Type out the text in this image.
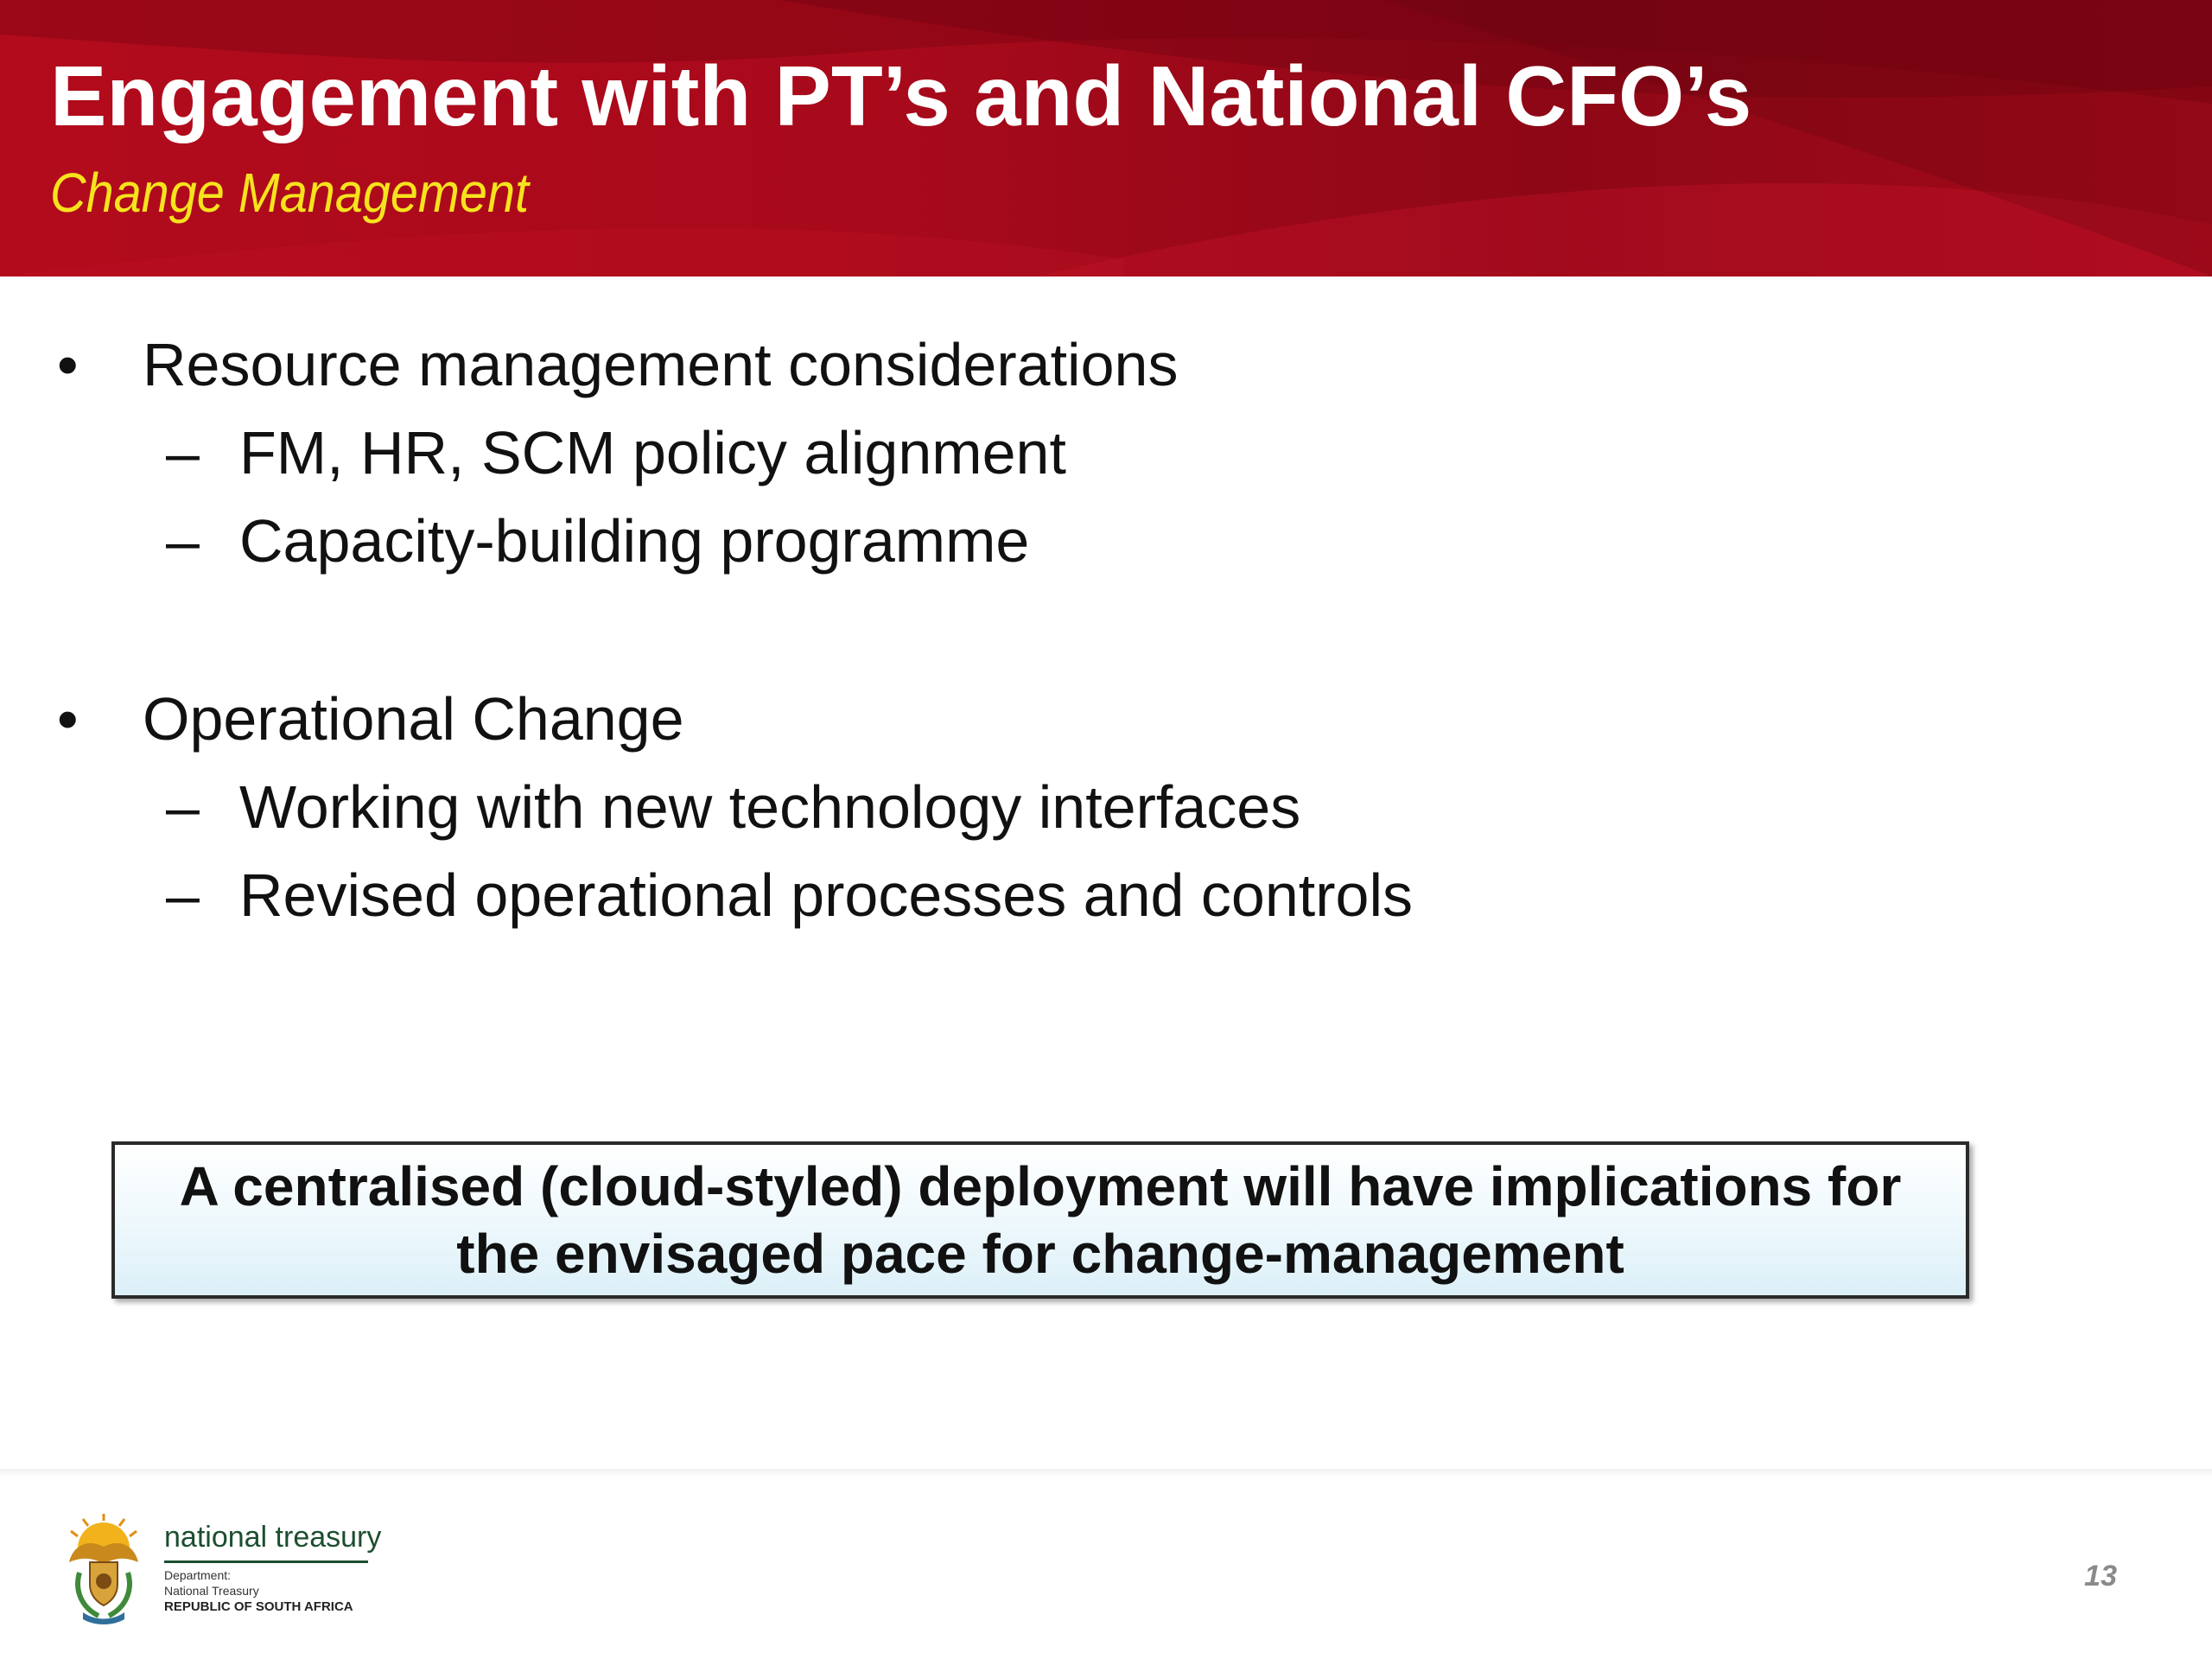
Engagement with PT’s and National CFO’s
Change Management
• Resource management considerations
– FM, HR, SCM policy alignment
– Capacity-building programme
• Operational Change
– Working with new technology interfaces
– Revised operational processes and controls
A centralised (cloud-styled) deployment will have implications for
the envisaged pace for change-management
national treasury
Department:
National Treasury
REPUBLIC OF SOUTH AFRICA
13
